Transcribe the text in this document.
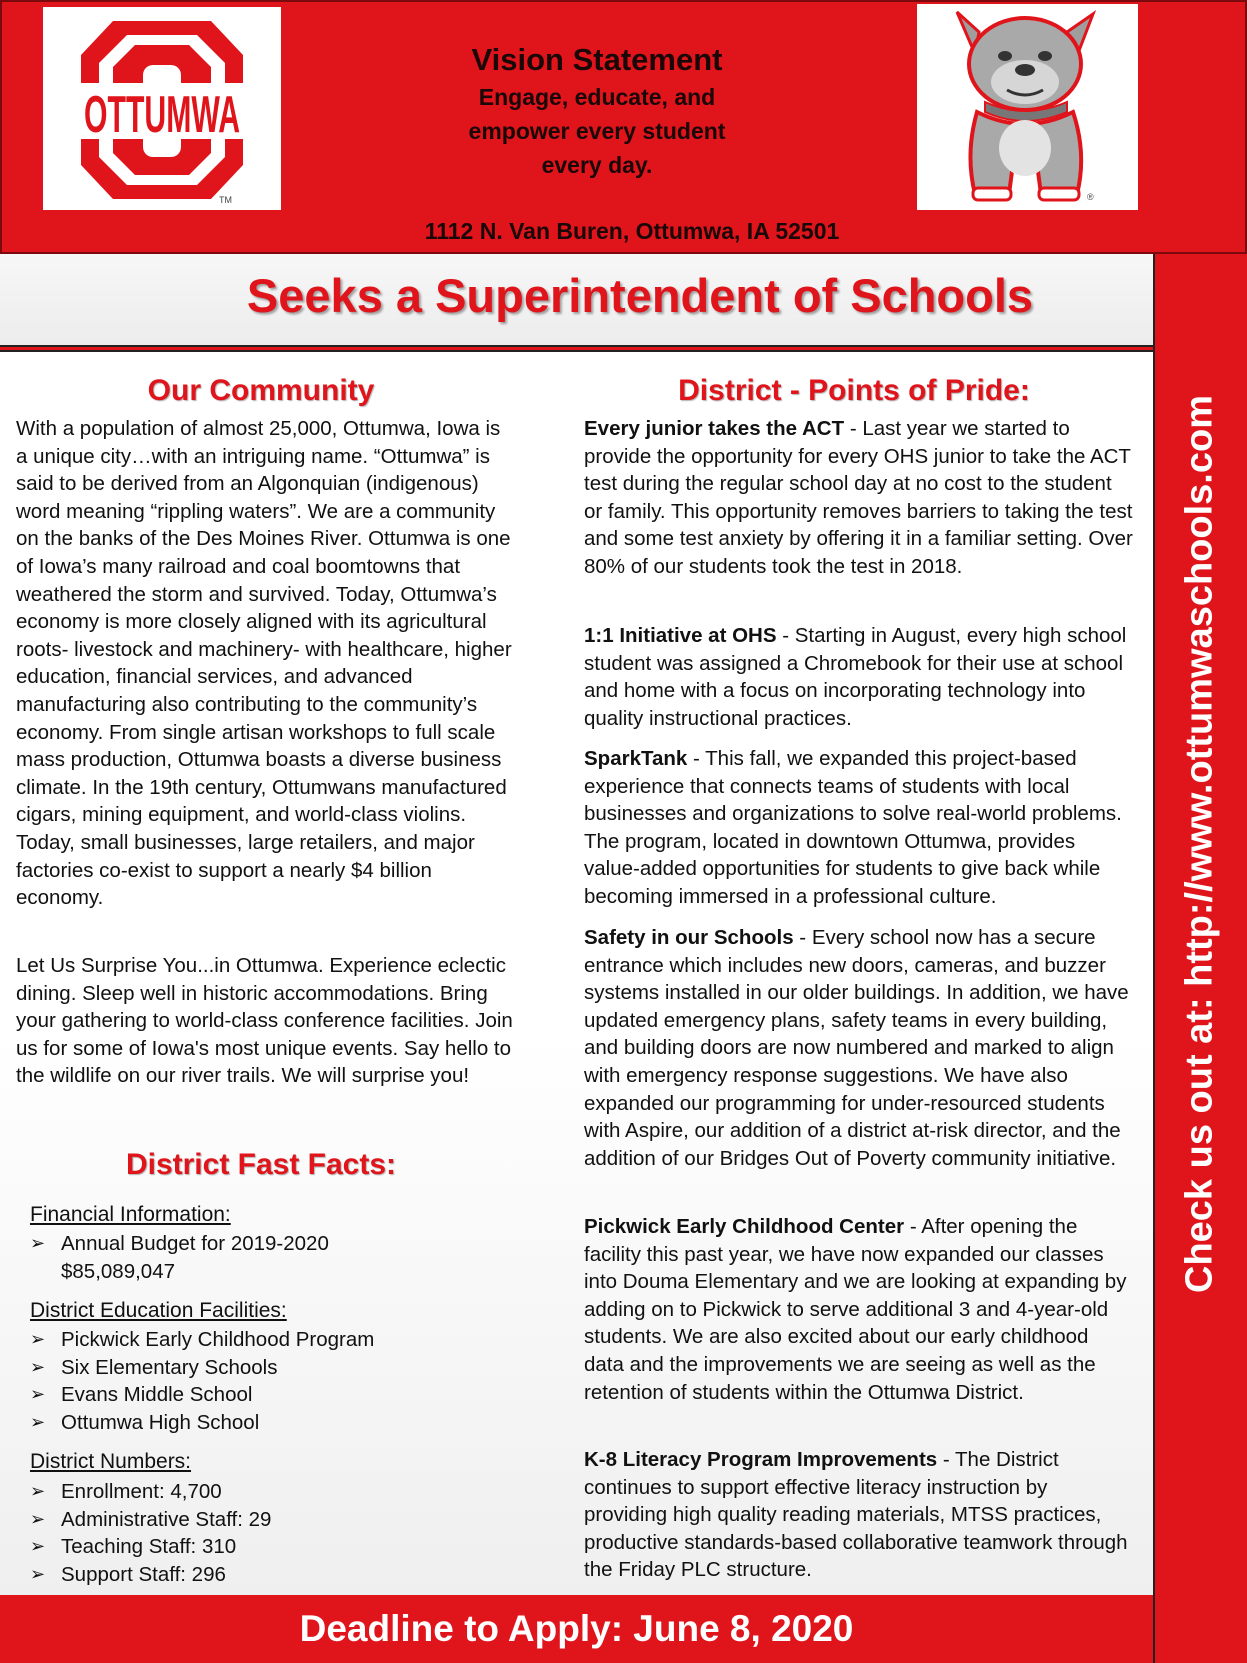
OTTUMWA
TM
Vision Statement
Engage, educate, and
empower every student
every day.
®
1112 N. Van Buren, Ottumwa, IA 52501
Seeks a Superintendent of Schools
Check us out at: http://www.ottumwaschools.com
Our Community

With a population of almost 25,000, Ottumwa, Iowa is a unique city…with an intriguing name. “Ottumwa” is said to be derived from an Algonquian (indigenous) word meaning “rippling waters”. We are a community on the banks of the Des Moines River. Ottumwa is one of Iowa’s many railroad and coal boomtowns that weathered the storm and survived. Today, Ottumwa’s economy is more closely aligned with its agricultural roots- livestock and machinery- with healthcare, higher education, financial services, and advanced manufacturing also contributing to the community’s economy. From single artisan workshops to full scale mass production, Ottumwa boasts a diverse business climate. In the 19th century, Ottumwans manufactured cigars, mining equipment, and world-class violins. Today, small businesses, large retailers, and major factories co-exist to support a nearly $4 billion economy.

Let Us Surprise You...in Ottumwa. Experience eclectic dining. Sleep well in historic accommodations. Bring your gathering to world-class conference facilities. Join us for some of Iowa's most unique events. Say hello to the wildlife on our river trails. We will surprise you!

District Fast Facts:
Financial Information:
➢ Annual Budget for 2019-2020
$85,089,047
District Education Facilities:
➢ Pickwick Early Childhood Program
➢ Six Elementary Schools
➢ Evans Middle School
➢ Ottumwa High School
District Numbers:
➢ Enrollment: 4,700
➢ Administrative Staff: 29
➢ Teaching Staff: 310
➢ Support Staff: 296
District - Points of Pride:

Every junior takes the ACT - Last year we started to provide the opportunity for every OHS junior to take the ACT test during the regular school day at no cost to the student or family. This opportunity removes barriers to taking the test and some test anxiety by offering it in a familiar setting. Over 80% of our students took the test in 2018.

1:1 Initiative at OHS - Starting in August, every high school student was assigned a Chromebook for their use at school and home with a focus on incorporating technology into quality instructional practices.

SparkTank - This fall, we expanded this project-based experience that connects teams of students with local businesses and organizations to solve real-world problems. The program, located in downtown Ottumwa, provides value-added opportunities for students to give back while becoming immersed in a professional culture.

Safety in our Schools - Every school now has a secure entrance which includes new doors, cameras, and buzzer systems installed in our older buildings. In addition, we have updated emergency plans, safety teams in every building, and building doors are now numbered and marked to align with emergency response suggestions. We have also expanded our programming for under-resourced students with Aspire, our addition of a district at-risk director, and the addition of our Bridges Out of Poverty community initiative.

Pickwick Early Childhood Center - After opening the facility this past year, we have now expanded our classes into Douma Elementary and we are looking at expanding by adding on to Pickwick to serve additional 3 and 4-year-old students. We are also excited about our early childhood data and the improvements we are seeing as well as the retention of students within the Ottumwa District.

K-8 Literacy Program Improvements - The District continues to support effective literacy instruction by providing high quality reading materials, MTSS practices, productive standards-based collaborative teamwork through the Friday PLC structure.

Deadline to Apply: June 8, 2020
